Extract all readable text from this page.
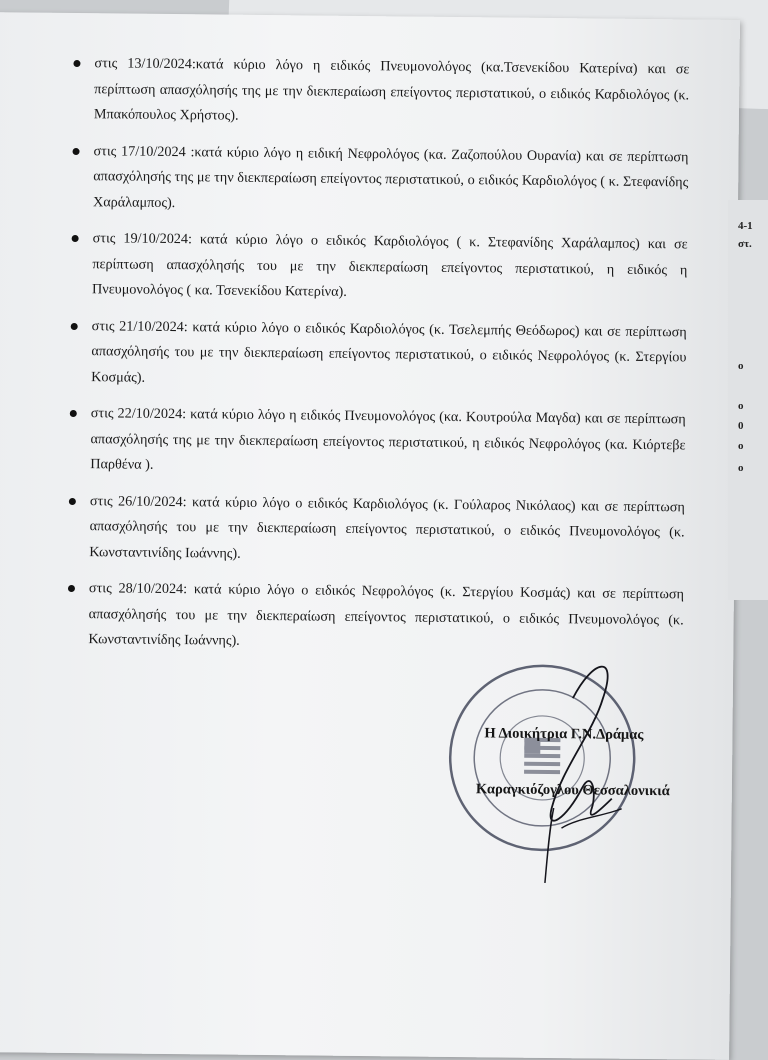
στις 13/10/2024:κατά κύριο λόγο η ειδικός Πνευμονολόγος (κα.Τσενεκίδου Κατερίνα) και σε περίπτωση απασχόλησής της με την διεκπεραίωση επείγοντος περιστατικού, ο ειδικός Καρδιολόγος (κ. Μπακόπουλος Χρήστος).
στις 17/10/2024 :κατά κύριο λόγο η ειδική Νεφρολόγος (κα. Ζαζοπούλου Ουρανία) και σε περίπτωση απασχόλησής της με την διεκπεραίωση επείγοντος περιστατικού, ο ειδικός Καρδιολόγος ( κ. Στεφανίδης Χαράλαμπος).
στις 19/10/2024: κατά κύριο λόγο ο ειδικός Καρδιολόγος ( κ. Στεφανίδης Χαράλαμπος) και σε περίπτωση απασχόλησής του με την διεκπεραίωση επείγοντος περιστατικού, η ειδικός η Πνευμονολόγος ( κα. Τσενεκίδου Κατερίνα).
στις 21/10/2024: κατά κύριο λόγο ο ειδικός Καρδιολόγος (κ. Τσελεμπής Θεόδωρος) και σε περίπτωση απασχόλησής του με την διεκπεραίωση επείγοντος περιστατικού, ο ειδικός Νεφρολόγος (κ. Στεργίου Κοσμάς).
στις 22/10/2024: κατά κύριο λόγο η ειδικός Πνευμονολόγος (κα. Κουτρούλα Μαγδα) και σε περίπτωση απασχόλησής της με την διεκπεραίωση επείγοντος περιστατικού, η ειδικός Νεφρολόγος (κα. Κιόρτεβε Παρθένα ).
στις 26/10/2024: κατά κύριο λόγο ο ειδικός Καρδιολόγος (κ. Γούλαρος Νικόλαος) και σε περίπτωση απασχόλησής του με την διεκπεραίωση επείγοντος περιστατικού, ο ειδικός Πνευμονολόγος (κ. Κωνσταντινίδης Ιωάννης).
στις 28/10/2024: κατά κύριο λόγο ο ειδικός Νεφρολόγος (κ. Στεργίου Κοσμάς) και σε περίπτωση απασχόλησής του με την διεκπεραίωση επείγοντος περιστατικού, ο ειδικός Πνευμονολόγος (κ. Κωνσταντινίδης Ιωάννης).
Η Διοικήτρια Γ.Ν.Δράμας
Καραγκιόζογλου Θεσσαλονικιά
4-1
στ.
ο
ο
0
ο
ο
